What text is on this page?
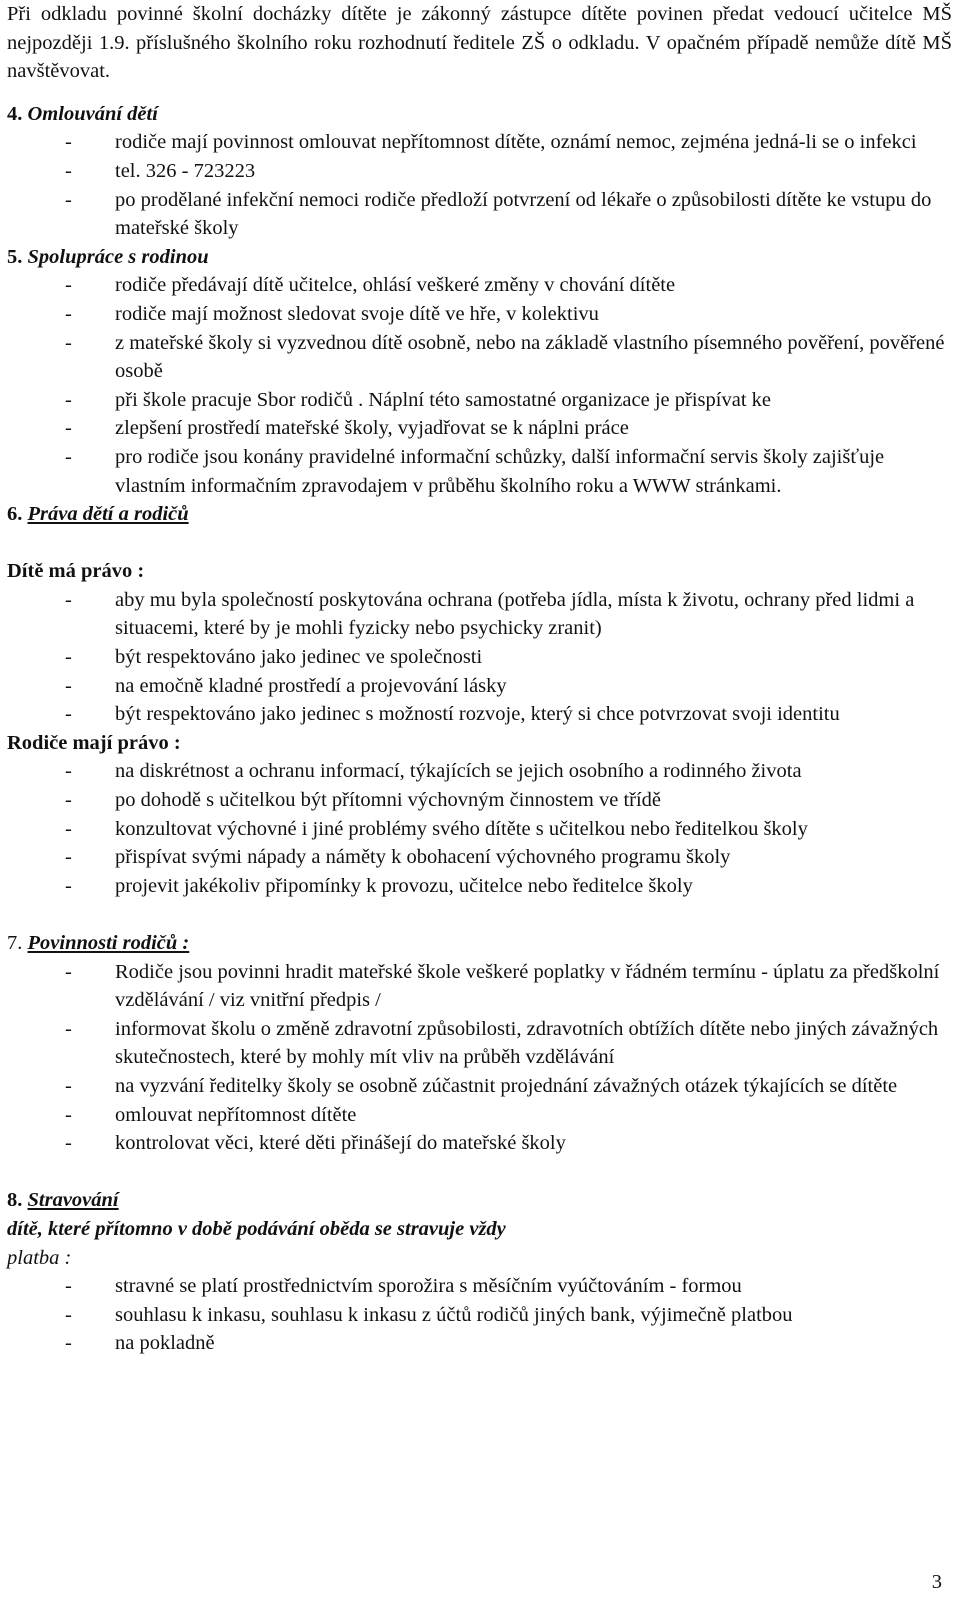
Při odkladu povinné školní docházky dítěte je zákonný zástupce dítěte povinen předat vedoucí učitelce MŠ nejpozději 1.9. příslušného školního roku rozhodnutí ředitele ZŠ o odkladu. V opačném případě nemůže dítě MŠ navštěvovat.

4. Omlouvání dětí
- rodiče mají povinnost omlouvat nepřítomnost dítěte, oznámí nemoc, zejména jedná-li se o infekci
- tel. 326 - 723223
- po prodělané infekční nemoci rodiče předloží potvrzení od lékaře o způsobilosti dítěte ke vstupu do mateřské školy
5. Spolupráce s rodinou
- rodiče předávají dítě učitelce, ohlásí veškeré změny v chování dítěte
- rodiče mají možnost sledovat svoje dítě ve hře, v kolektivu
- z mateřské školy si vyzvednou dítě osobně, nebo na základě vlastního písemného pověření, pověřené osobě
- při škole pracuje Sbor rodičů . Náplní této samostatné organizace je přispívat ke
- zlepšení prostředí mateřské školy, vyjadřovat se k náplni práce
- pro rodiče jsou konány pravidelné informační schůzky, další informační servis školy zajišťuje vlastním informačním zpravodajem v průběhu školního roku a WWW stránkami.
6. Práva dětí a rodičů

Dítě má právo :

- aby mu byla společností poskytována ochrana (potřeba jídla, místa k životu, ochrany před lidmi a situacemi, které by je mohli fyzicky nebo psychicky zranit)
- být respektováno jako jedinec ve společnosti
- na emočně kladné prostředí a projevování lásky
- být respektováno jako jedinec s možností rozvoje, který si chce potvrzovat svoji identitu

Rodiče mají právo :

- na diskrétnost a ochranu informací, týkajících se jejich osobního a rodinného života
- po dohodě s učitelkou být přítomni výchovným činnostem ve třídě
- konzultovat výchovné i jiné problémy svého dítěte s učitelkou nebo ředitelkou školy
- přispívat svými nápady a náměty k obohacení výchovného programu školy
- projevit jakékoliv připomínky k provozu, učitelce nebo ředitelce školy
7. Povinnosti rodičů :
- Rodiče jsou povinni hradit mateřské škole veškeré poplatky v řádném termínu - úplatu za předškolní vzdělávání / viz vnitřní předpis /
- informovat školu o změně zdravotní způsobilosti, zdravotních obtížích dítěte nebo jiných závažných skutečnostech, které by mohly mít vliv na průběh vzdělávání
- na vyzvání ředitelky školy se osobně zúčastnit projednání závažných otázek týkajících se dítěte
- omlouvat nepřítomnost dítěte
- kontrolovat věci, které děti přinášejí do mateřské školy
8. Stravování

dítě, které přítomno v době podávání oběda se stravuje vždy

platba :

- stravné se platí prostřednictvím sporožira s měsíčním vyúčtováním - formou
- souhlasu k inkasu, souhlasu k inkasu z účtů rodičů jiných bank, výjimečně platbou
- na pokladně
3
